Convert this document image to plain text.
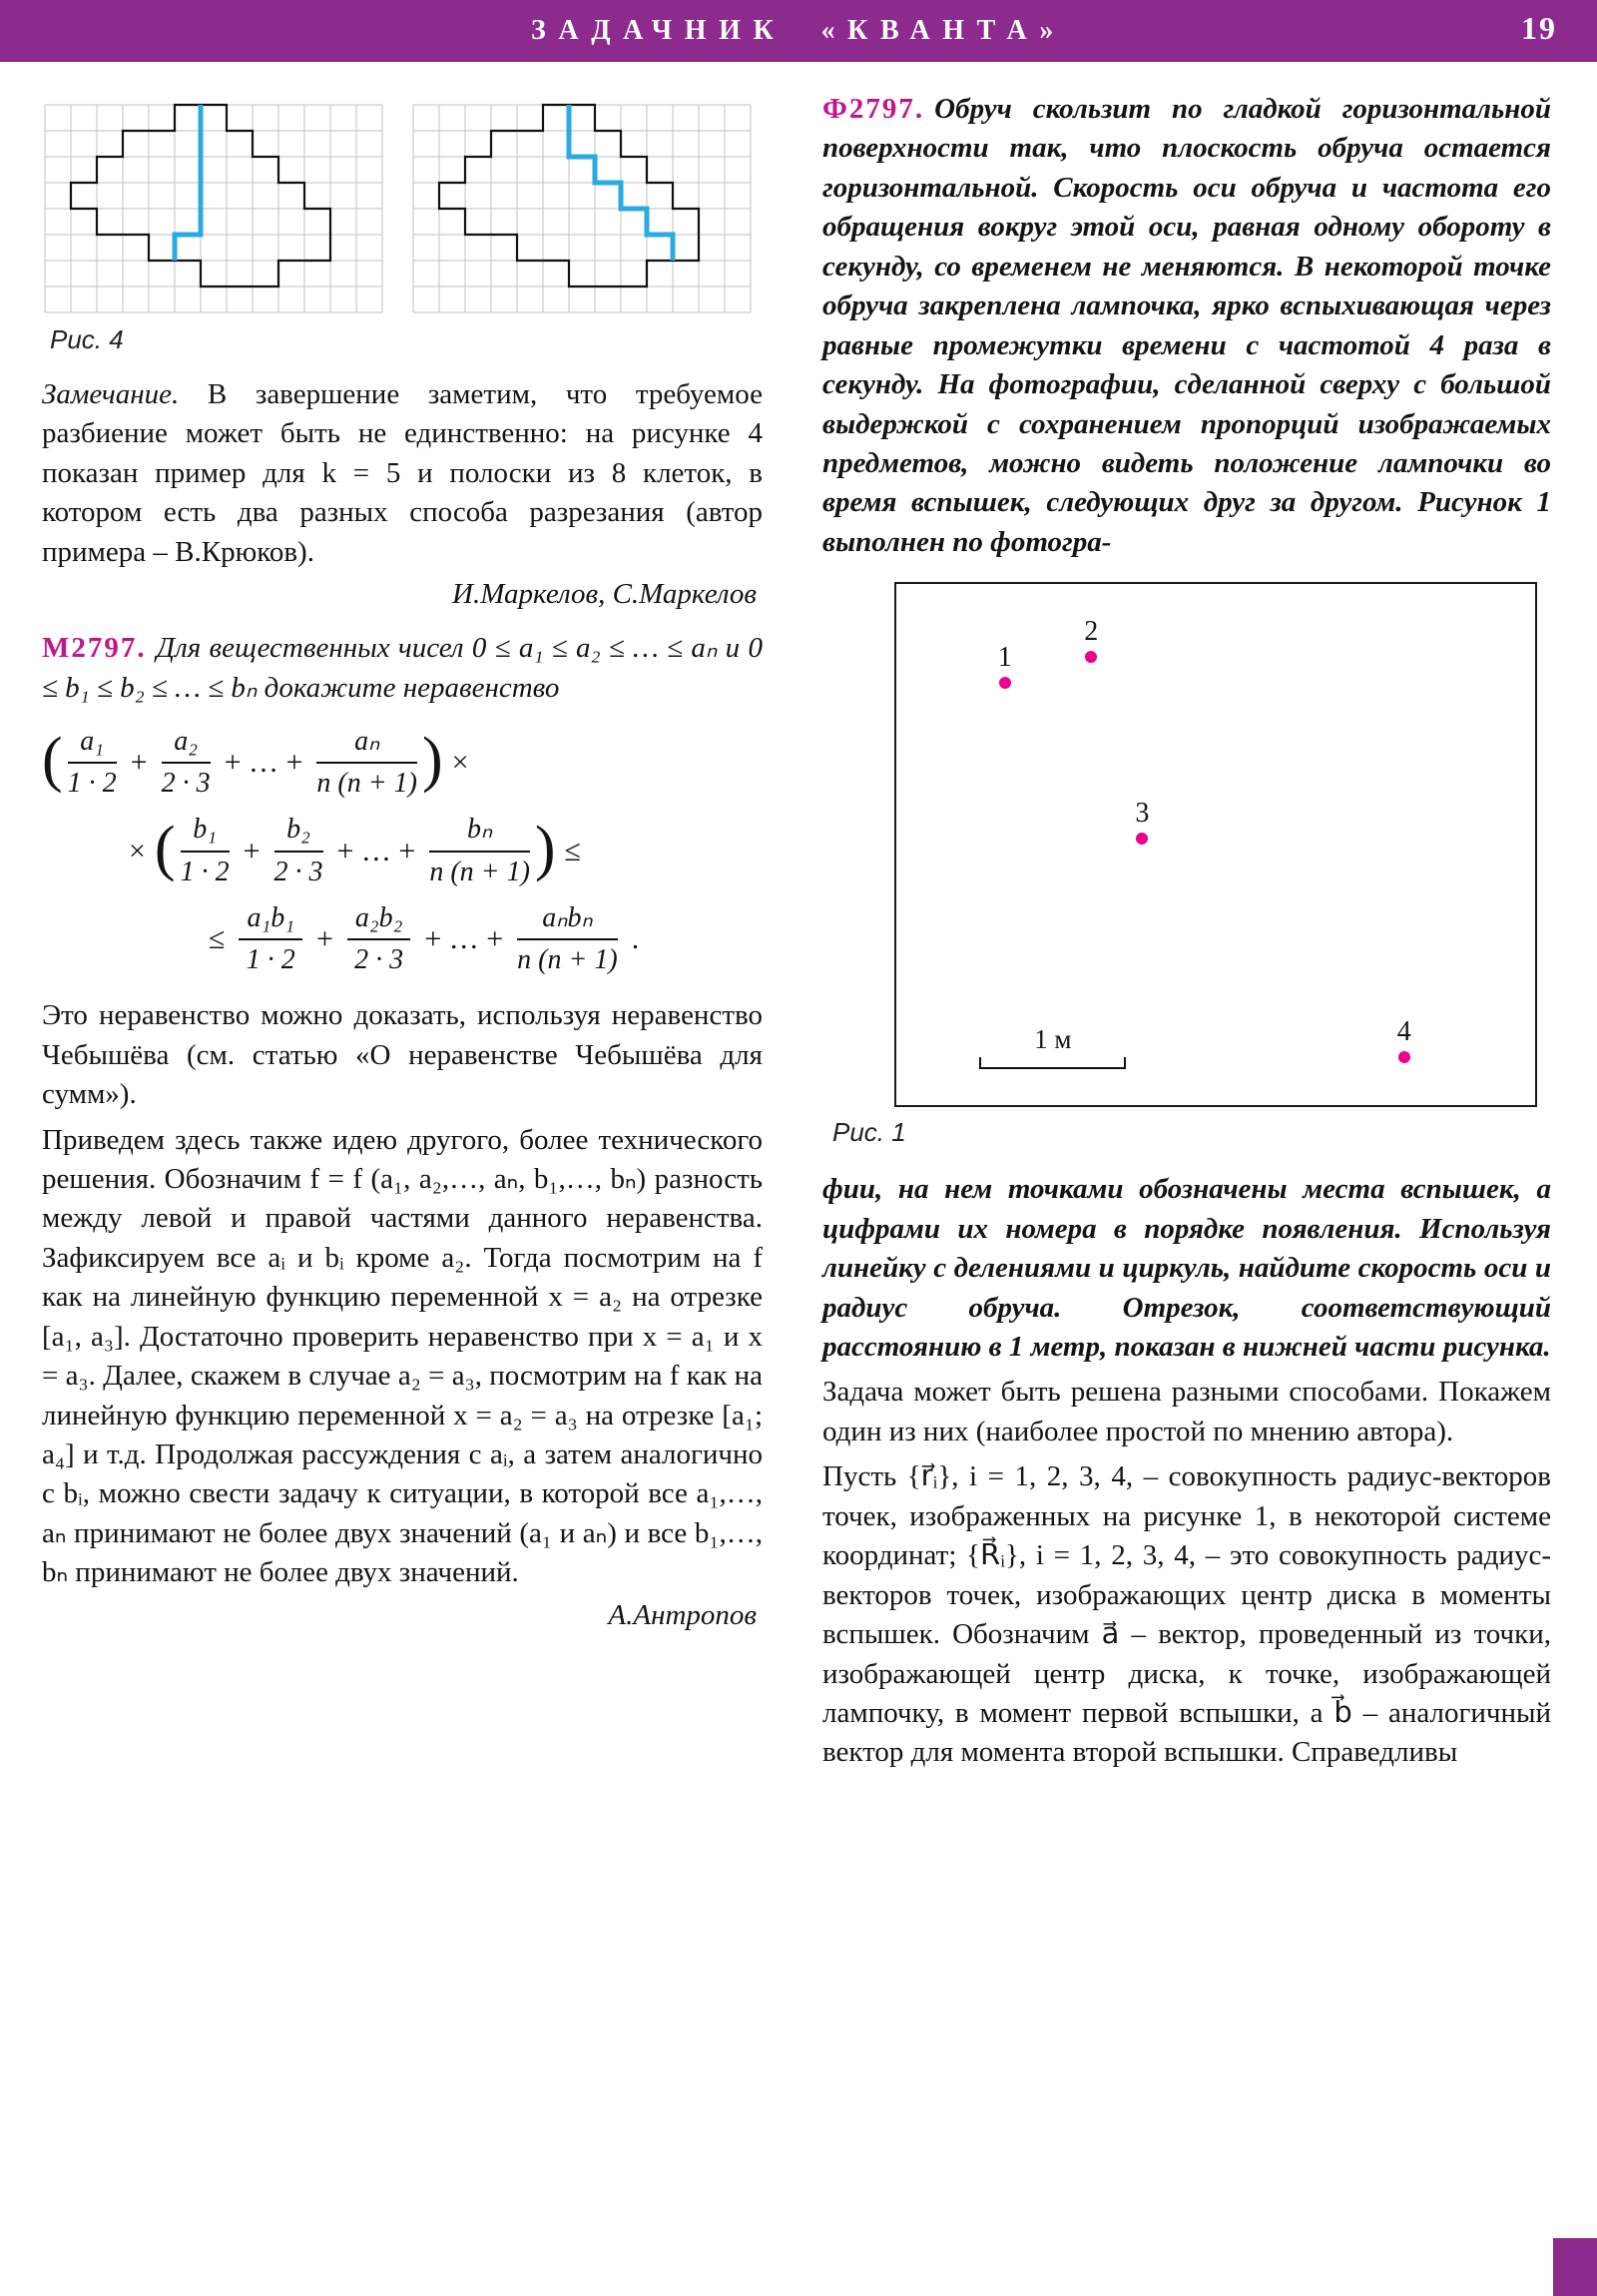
ЗАДАЧНИК «КВАНТА»	19
Рис. 4

Замечание. В завершение заметим, что требуемое разбиение может быть не единственно: на рисунке 4 показан пример для k = 5 и полоски из 8 клеток, в котором есть два разных способа разрезания (автор примера – В.Крюков).

И.Маркелов, С.Маркелов

М2797. Для вещественных чисел 0 ≤ a₁ ≤ a₂ ≤ … ≤ aₙ и 0 ≤ b₁ ≤ b₂ ≤ … ≤ bₙ докажите неравенство

( $\frac{\text{a₁}}{1 \cdot 2} + \frac{\text{a₂}}{2 \cdot 3}$ + … + $\frac{\text{aₙ}}{n (n + 1)}$ ) ×
× ( $\frac{\text{b₁}}{1 \cdot 2} + \frac{\text{b₂}}{2 \cdot 3}$ + … + $\frac{\text{bₙ}}{n (n + 1)}$ ) ≤
≤ $\frac{\text{a₁b₁}}{1 \cdot 2} + \frac{\text{a₂b₂}}{2 \cdot 3}$ + … + $\frac{\text{aₙbₙ}}{n (n + 1)}$ .

Это неравенство можно доказать, используя неравенство Чебышёва (см. статью «О неравенстве Чебышёва для сумм»).

Приведем здесь также идею другого, более технического решения. Обозначим f = f (a₁, a₂,…, aₙ, b₁,…, bₙ) разность между левой и правой частями данного неравенства. Зафиксируем все aᵢ и bᵢ кроме a₂. Тогда посмотрим на f как на линейную функцию переменной x = a₂ на отрезке [a₁, a₃]. Достаточно проверить неравенство при x = a₁ и x = a₃. Далее, скажем в случае a₂ = a₃, посмотрим на f как на линейную функцию переменной x = a₂ = a₃ на отрезке [a₁; a₄] и т.д. Продолжая рассуждения с aᵢ, а затем аналогично с bᵢ, можно свести задачу к ситуации, в которой все a₁,…, aₙ принимают не более двух значений (a₁ и aₙ) и все b₁,…, bₙ принимают не более двух значений.

А.Антропов

Ф2797. Обруч скользит по гладкой горизонтальной поверхности так, что плоскость обруча остается горизонтальной. Скорость оси обруча и частота его обращения вокруг этой оси, равная одному обороту в секунду, со временем не меняются. В некоторой точке обруча закреплена лампочка, ярко вспыхивающая через равные промежутки времени с частотой 4 раза в секунду. На фотографии, сделанной сверху с большой выдержкой с сохранением пропорций изображаемых предметов, можно видеть положение лампочки во время вспышек, следующих друг за другом. Рисунок 1 выполнен по фотогра-

1
2
3
4
1 м
Рис. 1

фии, на нем точками обозначены места вспышек, а цифрами их номера в порядке появления. Используя линейку с делениями и циркуль, найдите скорость оси и радиус обруча. Отрезок, соответствующий расстоянию в 1 метр, показан в нижней части рисунка.

Задача может быть решена разными способами. Покажем один из них (наиболее простой по мнению автора).

Пусть {r⃗ᵢ}, i = 1, 2, 3, 4, – совокупность радиус-векторов точек, изображенных на рисунке 1, в некоторой системе координат; {R⃗ᵢ}, i = 1, 2, 3, 4, – это совокупность радиус-векторов точек, изображающих центр диска в моменты вспышек. Обозначим a⃗ – вектор, проведенный из точки, изображающей центр диска, к точке, изображающей лампочку, в момент первой вспышки, а b⃗ – аналогичный вектор для момента второй вспышки. Справедливы
